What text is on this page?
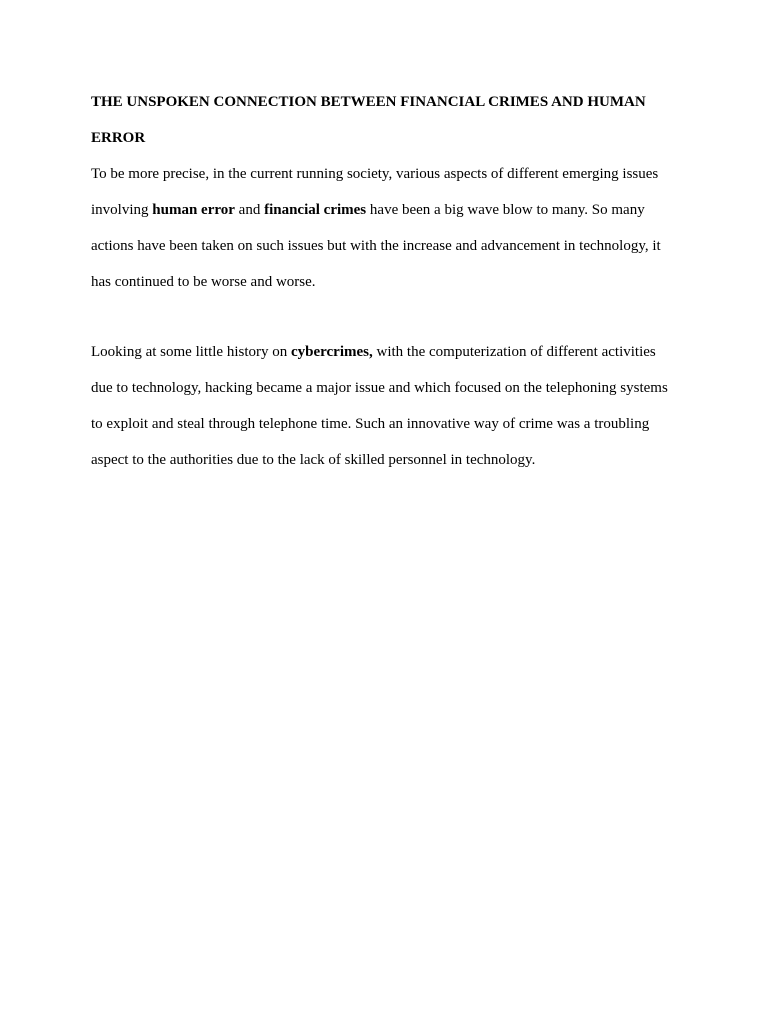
THE UNSPOKEN CONNECTION BETWEEN FINANCIAL CRIMES AND HUMAN ERROR

To be more precise, in the current running society, various aspects of different emerging issues involving human error and financial crimes have been a big wave blow to many. So many actions have been taken on such issues but with the increase and advancement in technology, it has continued to be worse and worse.

Looking at some little history on cybercrimes, with the computerization of different activities due to technology, hacking became a major issue and which focused on the telephoning systems to exploit and steal through telephone time. Such an innovative way of crime was a troubling aspect to the authorities due to the lack of skilled personnel in technology.
